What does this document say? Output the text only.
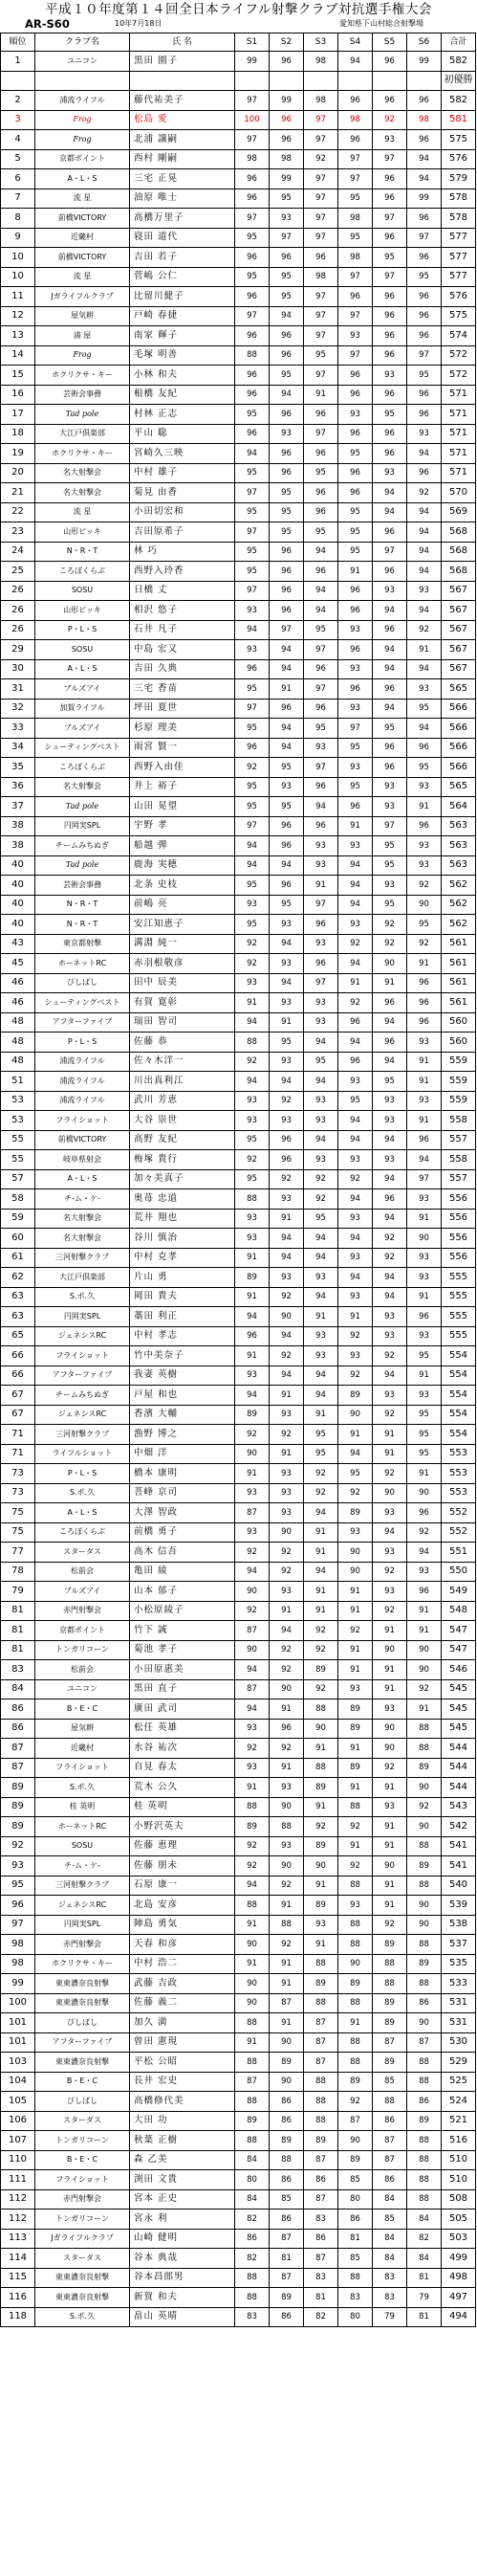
平成１０年度第１４回全日本ライフル射撃クラブ対抗選手権大会
AR-S60	10年7月18日	愛知県下山村総合射撃場
順位	クラブ名	氏 名	S1	S2	S3	S4	S5	S6	合計
1	ユニコン	黒田 園子	99	96	98	94	96	99	582
									初優勝
2	浦流ライフル	藤代祐美子	97	99	98	96	96	96	582
3	Frog	松島 愛	100	96	97	98	92	98	581
4	Frog	北浦 譲嗣	97	96	97	96	93	96	575
5	京都ポイント	西村 剛嗣	98	98	92	97	97	94	576
6	A・L・S	三宅 正晃	96	99	97	97	96	94	579
7	流 星	油原 唯士	96	95	97	95	96	99	578
8	前橋VICTORY	高橋万里子	97	93	97	98	97	96	578
9	近畿村	寝田 道代	95	97	97	95	96	97	577
10	前橋VICTORY	吉田 若子	96	96	96	98	95	96	577
10	流 星	菅嶋 公仁	95	95	98	97	97	95	577
11	Jガライフルクラブ	比留川健子	96	95	97	96	96	96	576
12	屋気耕	戸崎 春捷	97	94	97	97	96	96	575
13	浦 屋	南家 輝子	96	96	97	93	96	96	574
14	Frog	毛塚 明善	88	96	95	97	96	97	572
15	ホクリクサ・キー	小林 和夫	96	95	97	96	93	95	572
16	芸術会事務	根橋 友紀	96	94	91	96	96	96	571
17	Tad pole	村林 正志	95	96	96	93	95	96	571
18	大江戸倶楽部	平山 聡	96	93	97	96	96	93	571
19	ホクリクサ・キー	宮崎久三映	94	96	96	95	96	94	571
20	名大射撃会	中村 雄子	95	96	95	96	93	96	571
21	名大射撃会	菊見 由香	97	95	96	96	94	92	570
22	流 星	小田切宏和	95	95	96	95	94	94	569
23	山形ビッキ	吉田原希子	97	95	95	95	96	94	568
24	N・R・T	林 巧	95	96	94	95	97	94	568
25	ころぼくらぶ	西野入玲香	95	96	96	91	96	94	568
26	SOSU	日橋 丈	97	96	94	96	93	93	567
26	山形ビッキ	相沢 悠子	93	96	94	96	94	94	567
26	P・L・S	石井 凡子	94	97	95	93	96	92	567
29	SOSU	中島 宏又	93	94	97	96	94	91	567
30	A・L・S	吉田 久典	96	94	96	93	94	94	567
31	ブルズアイ	三宅 香苗	95	91	97	96	96	93	565
32	加賀ライフル	坪田 夏世	97	96	96	93	94	95	566
33	ブルズアイ	杉原 理美	95	94	95	97	95	94	566
34	シューティングベスト	雨宮 賢一	96	94	93	95	96	96	566
35	ころぼくらぶ	西野入由佳	92	95	97	93	96	95	566
36	名大射撃会	井上 裕子	95	93	96	95	93	93	565
37	Tad pole	山田 晃望	95	95	94	96	93	91	564
38	円岡実SPL	宇野 孝	97	96	96	91	97	96	563
38	チームみちぬぎ	船越 弾	94	96	93	93	95	93	563
40	Tad pole	鹿海 実穂	94	94	93	94	95	93	563
40	芸術会事務	北条 史枝	95	96	91	94	93	92	562
40	N・R・T	前嶋 亮	93	95	97	94	95	90	562
40	N・R・T	安江知恵子	95	93	96	93	92	95	562
43	東京都射撃	溝淵 純一	92	94	93	92	92	92	561
45	ホーネットRC	赤羽根敬彦	92	93	96	94	90	91	561
46	びしばし	田中 辰美	93	94	97	91	91	96	561
46	シューティングベスト	有賀 寛彰	91	93	93	92	96	96	561
48	アフターファイブ	瑞田 智司	94	91	93	96	94	96	560
48	P・L・S	佐藤 恭	88	95	94	94	96	93	560
48	浦流ライフル	佐々木洋一	92	93	95	96	94	91	559
51	浦流ライフル	川出真利江	94	94	94	93	95	91	559
53	浦流ライフル	武川 芳恵	93	92	93	95	93	93	559
53	フライショット	大谷 崇世	93	93	93	94	93	91	558
55	前橋VICTORY	高野 友紀	95	96	94	94	94	96	557
55	岐阜県射会	梅塚 貴行	92	96	93	93	93	94	558
57	A・L・S	加々美真子	95	92	92	92	94	97	557
58	チ-ム・ケ-	奥苺 忠道	88	93	92	94	96	93	556
59	名大射撃会	荒井 翔也	93	91	95	93	94	91	556
60	名大射撃会	谷川 慎治	93	94	94	94	92	90	556
61	三河射撃クラブ	中村 克孝	91	94	94	93	92	93	556
62	大江戸倶楽部	片山 勇	89	93	93	94	94	93	555
63	S.ポ.久	岡田 貴夫	91	92	94	93	94	91	555
63	円岡実SPL	藁田 利正	94	90	91	91	93	96	555
65	ジェネシスRC	中村 孝志	96	94	93	92	93	93	555
66	フライショット	竹中美奈子	91	92	93	93	92	95	554
66	アフターファイブ	我妻 英樹	93	94	94	92	94	91	554
67	チームみちぬぎ	戸屋 和也	94	91	94	89	93	93	554
67	ジェネシスRC	香濱 大輔	89	93	91	90	92	95	554
71	三河射撃クラブ	漁野 博之	92	92	95	91	91	95	554
71	ライフルショット	中畑 洋	90	91	95	94	91	95	553
73	P・L・S	橋本 康明	91	93	92	95	92	91	553
73	S.ポ.久	菩峰 京司	93	93	92	92	90	90	553
75	A・L・S	大澤 智政	87	93	94	89	93	96	552
75	ころぼくらぶ	前橋 勇子	93	90	91	93	94	92	552
77	スターダス	高木 信吾	92	92	91	90	93	94	551
78	松前会	亀田 綾	94	92	94	90	92	93	550
79	ブルズアイ	山本 郁子	90	93	91	91	93	96	549
81	赤門射撃会	小松原綾子	92	91	91	91	92	91	548
81	京都ポイント	竹下 誠	87	94	92	92	91	91	547
81	トンガリコーン	菊池 孝子	90	92	92	91	90	90	547
83	松前会	小田原惠美	94	92	89	91	91	90	546
84	ユニコン	黒田 直子	87	90	92	93	91	92	545
86	B・E・C	廣田 武司	94	91	88	89	93	91	545
86	屋気耕	松任 英雄	93	96	90	89	90	88	545
87	近畿村	水谷 祐次	92	92	91	91	90	88	544
87	フライショット	自見 春太	93	91	88	89	92	89	544
89	S.ポ.久	荒木 公久	91	93	89	91	91	90	544
89	桂 英明	桂 英明	88	90	91	88	93	92	543
89	ホーネットRC	小野沢英夫	89	88	92	92	91	90	542
92	SOSU	佐藤 恵理	92	93	89	91	91	88	541
93	チ-ム・ケ-	佐藤 朋未	92	90	90	92	90	89	541
95	三河射撃クラブ	石原 康一	94	92	91	88	91	88	540
96	ジェネシスRC	北島 安彦	88	91	89	93	91	90	539
97	円岡実SPL	陣島 勇気	91	88	93	88	92	90	538
98	赤門射撃会	天春 和彦	90	92	91	88	89	88	537
98	ホクリクサ・キー	中村 浩二	91	91	88	90	88	89	535
99	東東濃奈良射撃	武藤 吉政	90	91	89	89	88	88	533
100	東東濃奈良射撃	佐藤 義二	90	87	88	88	89	86	531
101	びしばし	加久 満	88	91	87	91	89	90	531
101	アフターファイブ	曾田 憲現	91	90	87	88	87	87	530
103	東東濃奈良射撃	平松 公昭	88	89	87	88	89	88	529
104	B・E・C	長井 宏史	87	90	88	89	85	88	525
105	びしばし	高橋修代美	88	86	88	92	88	86	524
106	スターダス	大田 功	89	86	88	87	86	89	521
107	トンガリコーン	秋葉 正樹	88	89	89	90	87	88	516
110	B・E・C	森 乙美	84	88	87	89	87	88	510
111	フライショット	渕田 文貴	80	86	86	85	86	88	510
112	赤門射撃会	宮本 正史	84	85	87	80	84	88	508
112	トンガリコーン	宮永 利	82	86	83	86	85	84	505
113	Jガライフルクラブ	山崎 健明	86	87	86	81	84	82	503
114	スターダス	谷本 典哉	82	81	87	85	84	84	499
115	東東濃奈良射撃	谷本昌郎男	88	87	83	88	83	81	498
116	東東濃奈良射撃	新賀 和夫	88	89	81	83	83	79	497
118	S.ポ.久	畠山 英晴	83	86	82	80	79	81	494
